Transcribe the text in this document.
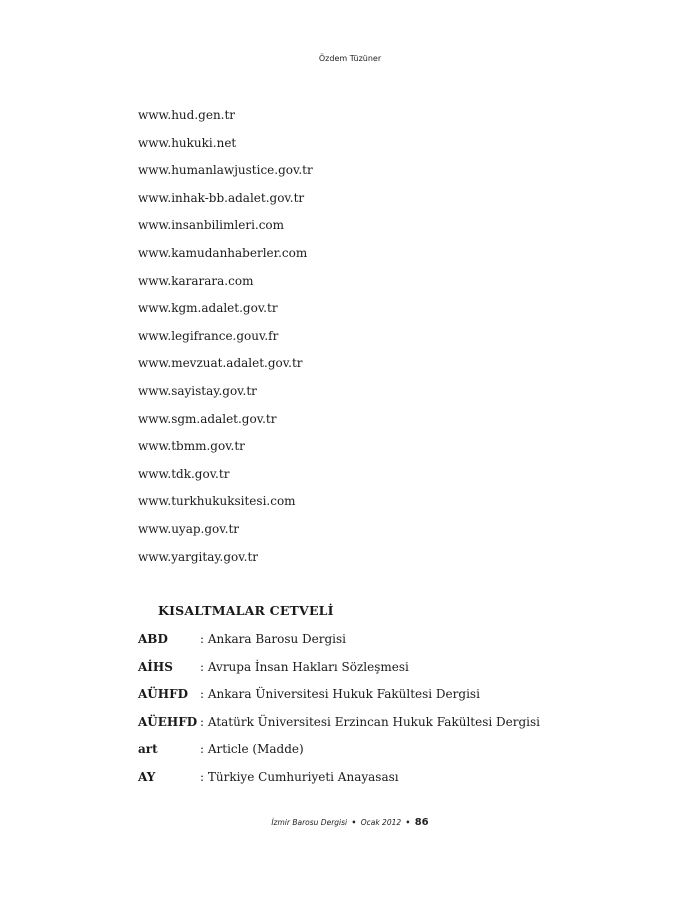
Özdem Tüzüner
www.hud.gen.tr
www.hukuki.net
www.humanlawjustice.gov.tr
www.inhak-bb.adalet.gov.tr
www.insanbilimleri.com
www.kamudanhaberler.com
www.kararara.com
www.kgm.adalet.gov.tr
www.legifrance.gouv.fr
www.mevzuat.adalet.gov.tr
www.sayistay.gov.tr
www.sgm.adalet.gov.tr
www.tbmm.gov.tr
www.tdk.gov.tr
www.turkhukuksitesi.com
www.uyap.gov.tr
www.yargitay.gov.tr
KISALTMALAR CETVELİ
ABD	: Ankara Barosu Dergisi
AİHS : Avrupa İnsan Hakları Sözleşmesi
AÜHFD : Ankara Üniversitesi Hukuk Fakültesi Dergisi
AÜEHFD : Atatürk Üniversitesi Erzincan Hukuk Fakültesi Dergisi
art	: Article (Madde)
AY	: Türkiye Cumhuriyeti Anayasası
İzmir Barosu Dergisi • Ocak 2012 • 86
